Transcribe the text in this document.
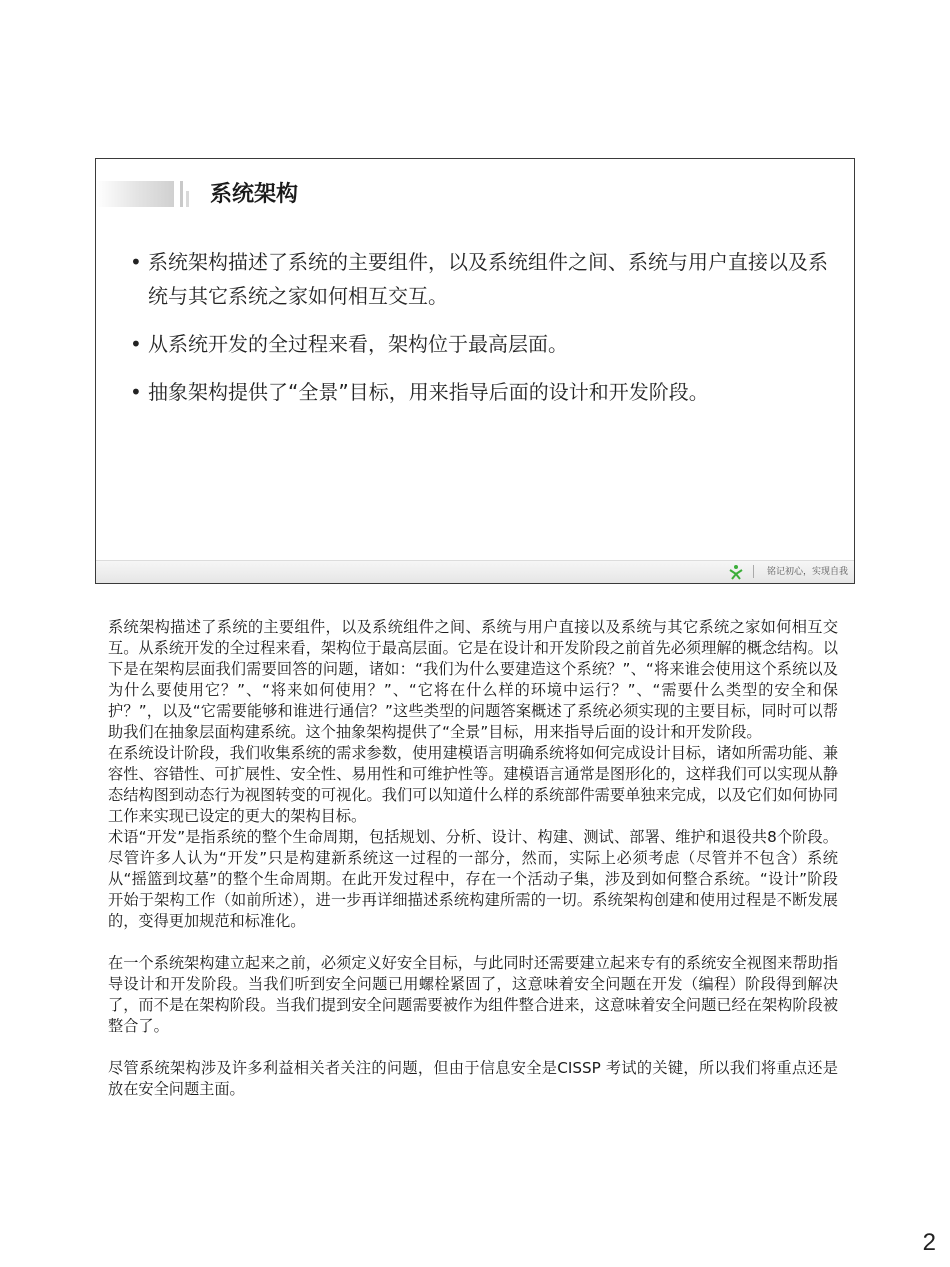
系统架构
• 系统架构描述了系统的主要组件，以及系统组件之间、系统与用户直接以及系统与其它系统之家如何相互交互。
• 从系统开发的全过程来看，架构位于最高层面。
• 抽象架构提供了“全景”目标，用来指导后面的设计和开发阶段。
铭记初心，实现自我

系统架构描述了系统的主要组件，以及系统组件之间、系统与用户直接以及系统与其它系统之家如何相互交互。从系统开发的全过程来看，架构位于最高层面。它是在设计和开发阶段之前首先必须理解的概念结构。以下是在架构层面我们需要回答的问题，诸如：“我们为什么要建造这个系统？”、“将来谁会使用这个系统以及为什么要使用它？”、“将来如何使用？”、“它将在什么样的环境中运行？”、“需要什么类型的安全和保护？”，以及“它需要能够和谁进行通信？”这些类型的问题答案概述了系统必须实现的主要目标，同时可以帮助我们在抽象层面构建系统。这个抽象架构提供了“全景”目标，用来指导后面的设计和开发阶段。

在系统设计阶段，我们收集系统的需求参数，使用建模语言明确系统将如何完成设计目标，诸如所需功能、兼容性、容错性、可扩展性、安全性、易用性和可维护性等。建模语言通常是图形化的，这样我们可以实现从静态结构图到动态行为视图转变的可视化。我们可以知道什么样的系统部件需要单独来完成，以及它们如何协同工作来实现已设定的更大的架构目标。

术语“开发”是指系统的整个生命周期，包括规划、分析、设计、构建、测试、部署、维护和退役共8个阶段。尽管许多人认为“开发”只是构建新系统这一过程的一部分，然而，实际上必须考虑（尽管并不包含）系统从“摇篮到坟墓”的整个生命周期。在此开发过程中，存在一个活动子集，涉及到如何整合系统。“设计”阶段开始于架构工作（如前所述），进一步再详细描述系统构建所需的一切。系统架构创建和使用过程是不断发展的，变得更加规范和标准化。

在一个系统架构建立起来之前，必须定义好安全目标，与此同时还需要建立起来专有的系统安全视图来帮助指导设计和开发阶段。当我们听到安全问题已用螺栓紧固了，这意味着安全问题在开发（编程）阶段得到解决了，而不是在架构阶段。当我们提到安全问题需要被作为组件整合进来，这意味着安全问题已经在架构阶段被整合了。

尽管系统架构涉及许多利益相关者关注的问题，但由于信息安全是CISSP 考试的关键，所以我们将重点还是放在安全问题主面。

2
